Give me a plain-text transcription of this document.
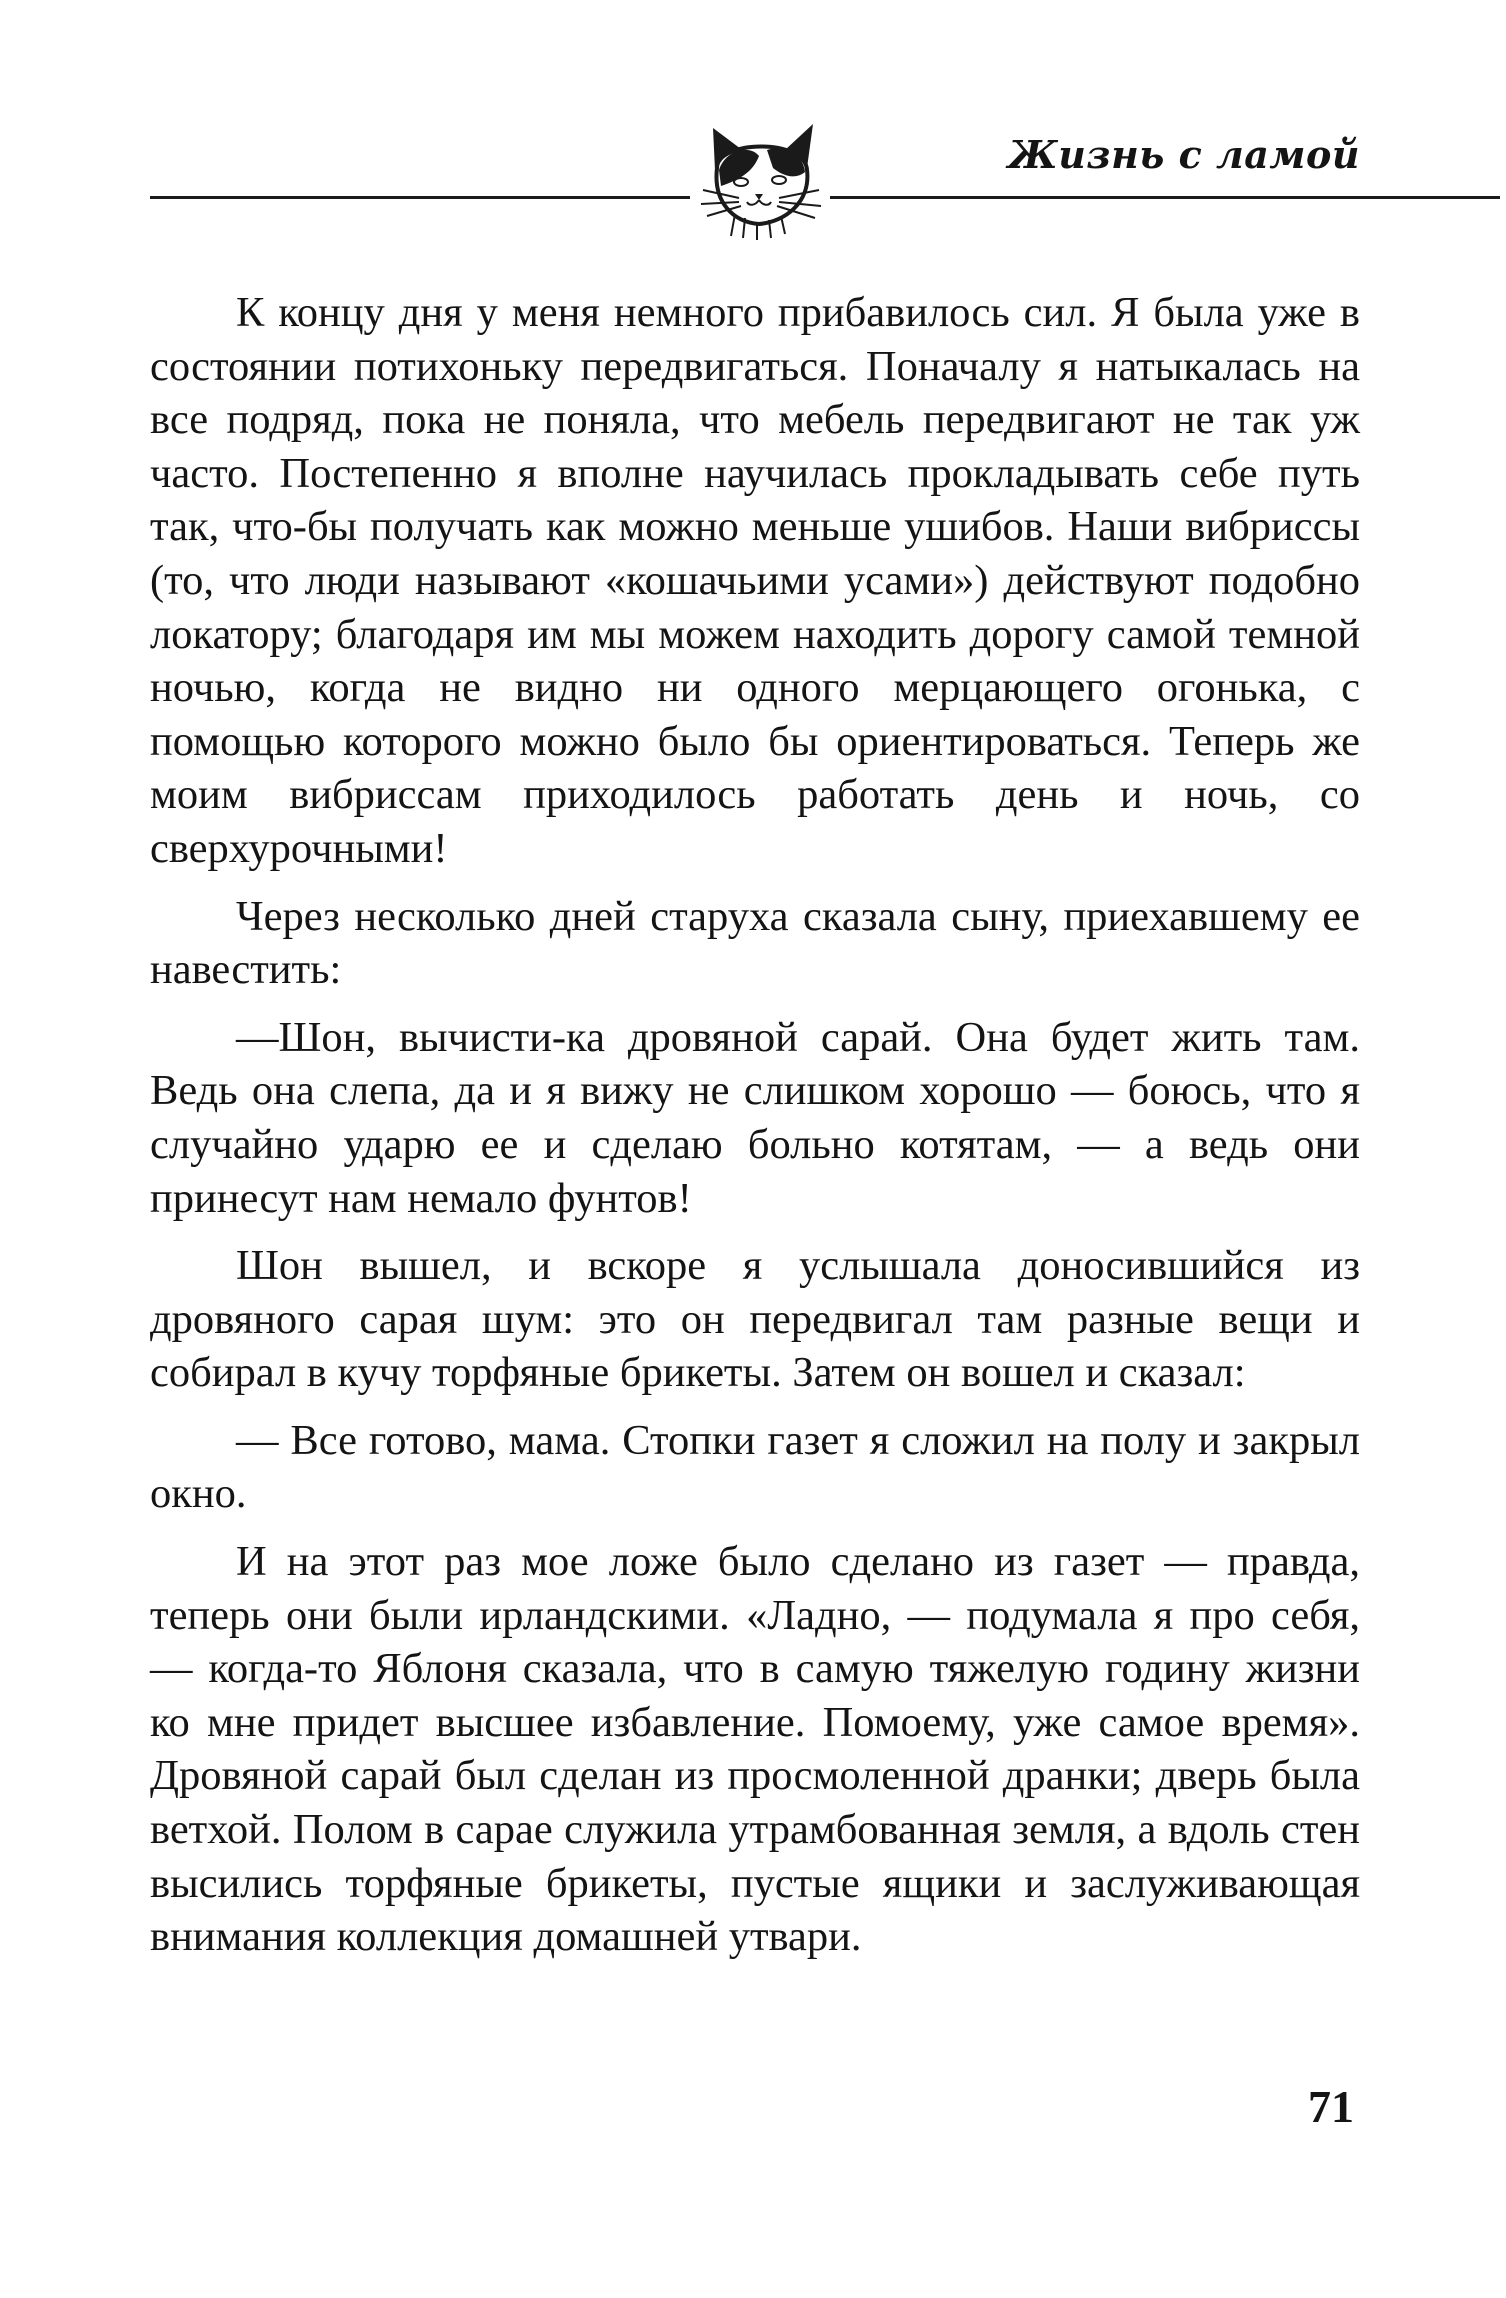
Жизнь с ламой

К концу дня у меня немного прибавилось сил. Я была уже в состоянии потихоньку передвигаться. Поначалу я натыкалась на все подряд, пока не поняла, что мебель передвигают не так уж часто. Постепенно я вполне научилась прокладывать себе путь так, что-бы получать как можно меньше ушибов. Наши вибриссы (то, что люди называют «кошачьими усами») действуют подобно локатору; благодаря им мы можем находить дорогу самой темной ночью, когда не видно ни одного мерцающего огонька, с помощью которого можно было бы ориентироваться. Теперь же моим вибриссам приходилось работать день и ночь, со сверхурочными!

Через несколько дней старуха сказала сыну, приехавшему ее навестить:

—Шон, вычисти-ка дровяной сарай. Она будет жить там. Ведь она слепа, да и я вижу не слишком хорошо — боюсь, что я случайно ударю ее и сделаю больно котятам, — а ведь они принесут нам немало фунтов!

Шон вышел, и вскоре я услышала доносившийся из дровяного сарая шум: это он передвигал там разные вещи и собирал в кучу торфяные брикеты. Затем он вошел и сказал:

— Все готово, мама. Стопки газет я сложил на полу и закрыл окно.

И на этот раз мое ложе было сделано из газет — правда, теперь они были ирландскими. «Ладно, — подумала я про себя, — когда-то Яблоня сказала, что в самую тяжелую годину жизни ко мне придет высшее избавление. Помоему, уже самое время». Дровяной сарай был сделан из просмоленной дранки; дверь была ветхой. Полом в сарае служила утрамбованная земля, а вдоль стен высились торфяные брикеты, пустые ящики и заслуживающая внимания коллекция домашней утвари.

71
